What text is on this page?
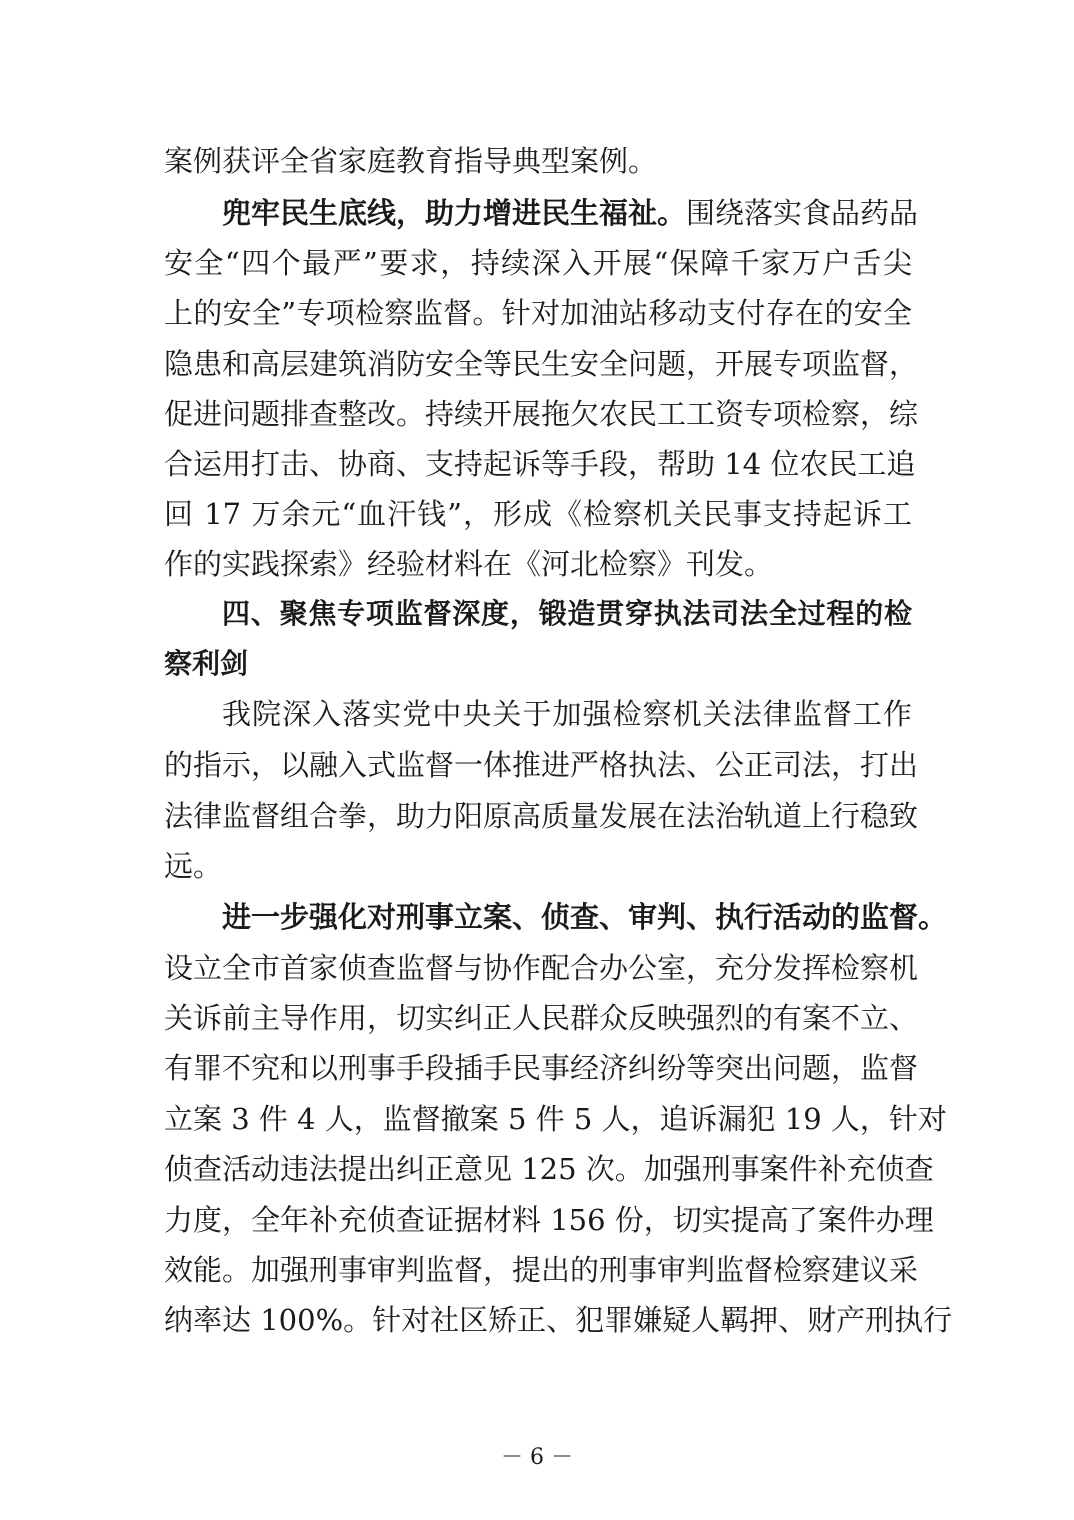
案例获评全省家庭教育指导典型案例。
兜牢民生底线，助力增进民生福祉。围绕落实食品药品
安全“四个最严”要求，持续深入开展“保障千家万户舌尖
上的安全”专项检察监督。针对加油站移动支付存在的安全
隐患和高层建筑消防安全等民生安全问题，开展专项监督，
促进问题排查整改。持续开展拖欠农民工工资专项检察，综
合运用打击、协商、支持起诉等手段，帮助 14 位农民工追
回 17 万余元“血汗钱”，形成《检察机关民事支持起诉工
作的实践探索》经验材料在《河北检察》刊发。
四、聚焦专项监督深度，锻造贯穿执法司法全过程的检
察利剑
我院深入落实党中央关于加强检察机关法律监督工作
的指示，以融入式监督一体推进严格执法、公正司法，打出
法律监督组合拳，助力阳原高质量发展在法治轨道上行稳致
远。
进一步强化对刑事立案、侦查、审判、执行活动的监督。
设立全市首家侦查监督与协作配合办公室，充分发挥检察机
关诉前主导作用，切实纠正人民群众反映强烈的有案不立、
有罪不究和以刑事手段插手民事经济纠纷等突出问题，监督
立案 3 件 4 人，监督撤案 5 件 5 人，追诉漏犯 19 人，针对
侦查活动违法提出纠正意见 125 次。加强刑事案件补充侦查
力度，全年补充侦查证据材料 156 份，切实提高了案件办理
效能。加强刑事审判监督，提出的刑事审判监督检察建议采
纳率达 100%。针对社区矫正、犯罪嫌疑人羁押、财产刑执行
－ 6 －
